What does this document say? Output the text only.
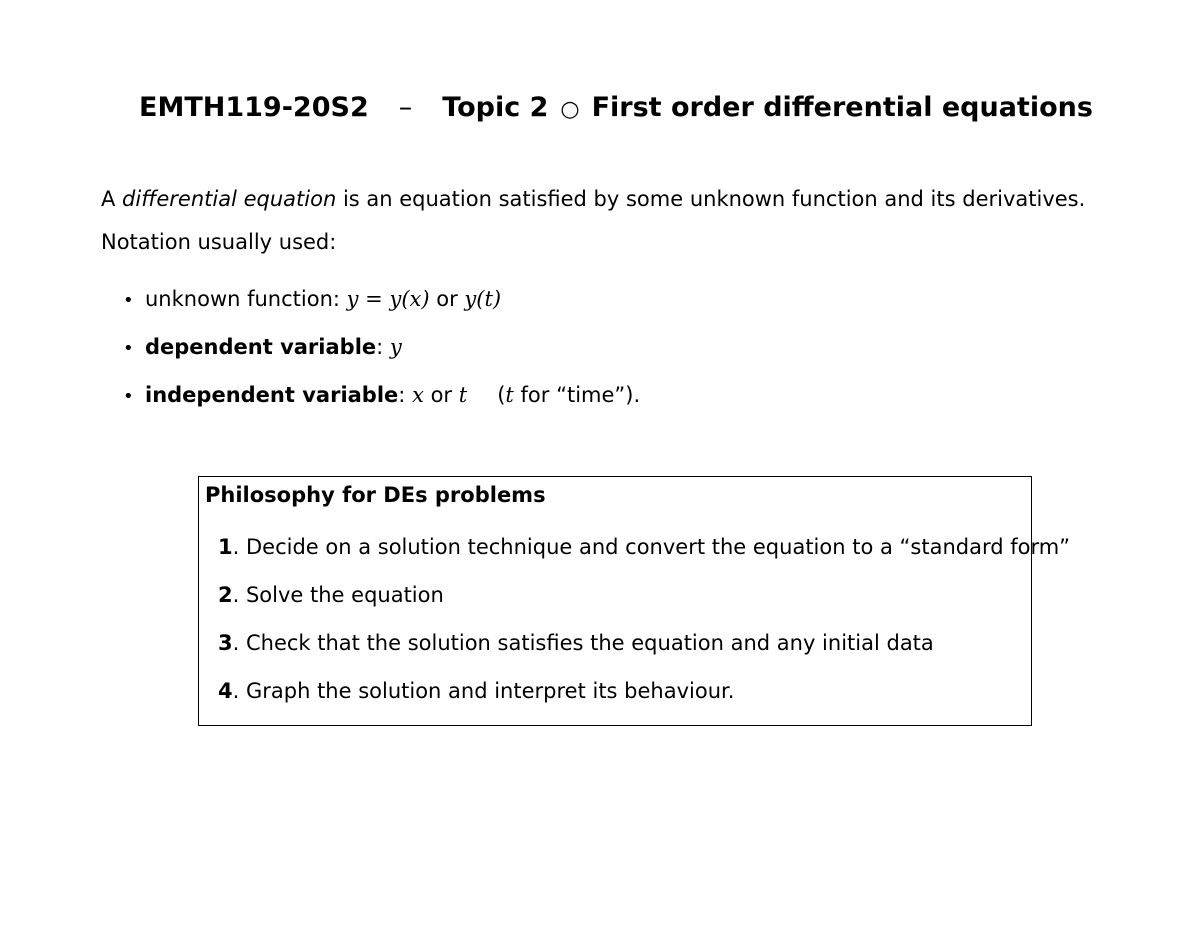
EMTH119-20S2 – Topic 2 ○ First order differential equations
A differential equation is an equation satisfied by some unknown function and its derivatives.
Notation usually used:
• unknown function: y = y(x) or y(t)
• dependent variable: y
• independent variable: x or t (t for “time”).
Philosophy for DEs problems
1. Decide on a solution technique and convert the equation to a “standard form”
2. Solve the equation
3. Check that the solution satisfies the equation and any initial data
4. Graph the solution and interpret its behaviour.
